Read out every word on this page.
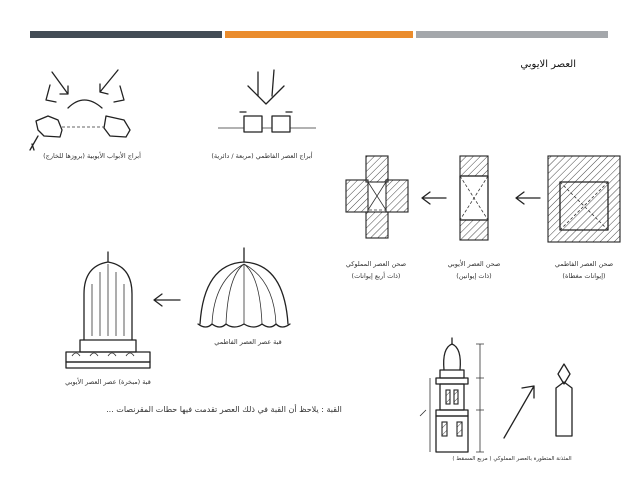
العصر الايوبي
أبراج الأبواب الأيوبية (بروزها للخارج)	أبراج العصر الفاطمي (مربعة / دائرية)
صحن العصر المملوكي
(ذات أربع إيوانات)
صحن العصر الأيوبي
(ذات إيوانين)
صحن العصر الفاطمي
(إيوانات مغطاة)
قبة (مبخرة) عصر العصر الأيوبي
قبة عصر العصر الفاطمي
القبة : يلاحظ أن القبة في ذلك العصر تقدمت فيها حطات المقرنصات ...
المئذنة المتطورة بالعصر المملوكي ( مربع المسقط )
